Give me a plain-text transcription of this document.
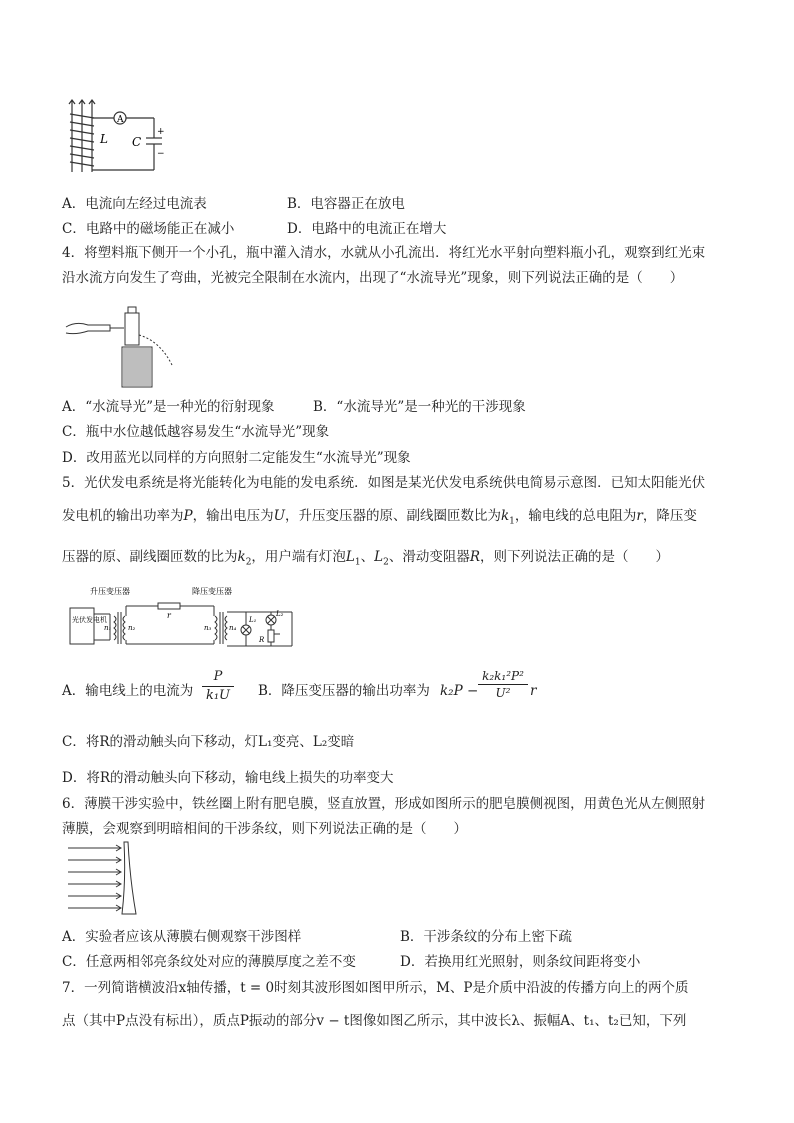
A
L C
+
−
A．电流向左经过电流表	B．电容器正在放电
C．电路中的磁场能正在减小	D．电路中的电流正在增大
4．将塑料瓶下侧开一个小孔，瓶中灌入清水，水就从小孔流出．将红光水平射向塑料瓶小孔，观察到红光束
沿水流方向发生了弯曲，光被完全限制在水流内，出现了“水流导光”现象，则下列说法正确的是（　　）
A．“水流导光”是一种光的衍射现象	B．“水流导光”是一种光的干涉现象
C．瓶中水位越低越容易发生“水流导光”现象
D．改用蓝光以同样的方向照射二定能发生“水流导光”现象
5．光伏发电系统是将光能转化为电能的发电系统．如图是某光伏发电系统供电简易示意图．已知太阳能光伏
发电机的输出功率为P，输出电压为U，升压变压器的原、副线圈匝数比为$k_1$，输电线的总电阻为r，降压变
压器的原、副线圈匝数的比为$k_2$，用户端有灯泡$L_1$、$L_2$、滑动变阻器R，则下列说法正确的是（　　）
升压变压器	降压变压器
光伏发电机
n₁ n₂	n₃	n₄
r	L₁
L₂
R
A．输电线上的电流为
P
k₁U B．降压变压器的输出功率为 k₂P −
k₂k₁²P²
U²	r
C．将R的滑动触头向下移动，灯L₁变亮、L₂变暗
D．将R的滑动触头向下移动，输电线上损失的功率变大
6．薄膜干涉实验中，铁丝圈上附有肥皂膜，竖直放置，形成如图所示的肥皂膜侧视图，用黄色光从左侧照射
薄膜，会观察到明暗相间的干涉条纹，则下列说法正确的是（　　）
A．实验者应该从薄膜右侧观察干涉图样	B．干涉条纹的分布上密下疏
C．任意两相邻亮条纹处对应的薄膜厚度之差不变	D．若换用红光照射，则条纹间距将变小
7．一列简谐横波沿x轴传播，t = 0时刻其波形图如图甲所示，M、P是介质中沿波的传播方向上的两个质
点（其中P点没有标出），质点P振动的部分v − t图像如图乙所示，其中波长λ、振幅A、t₁、t₂已知，下列
